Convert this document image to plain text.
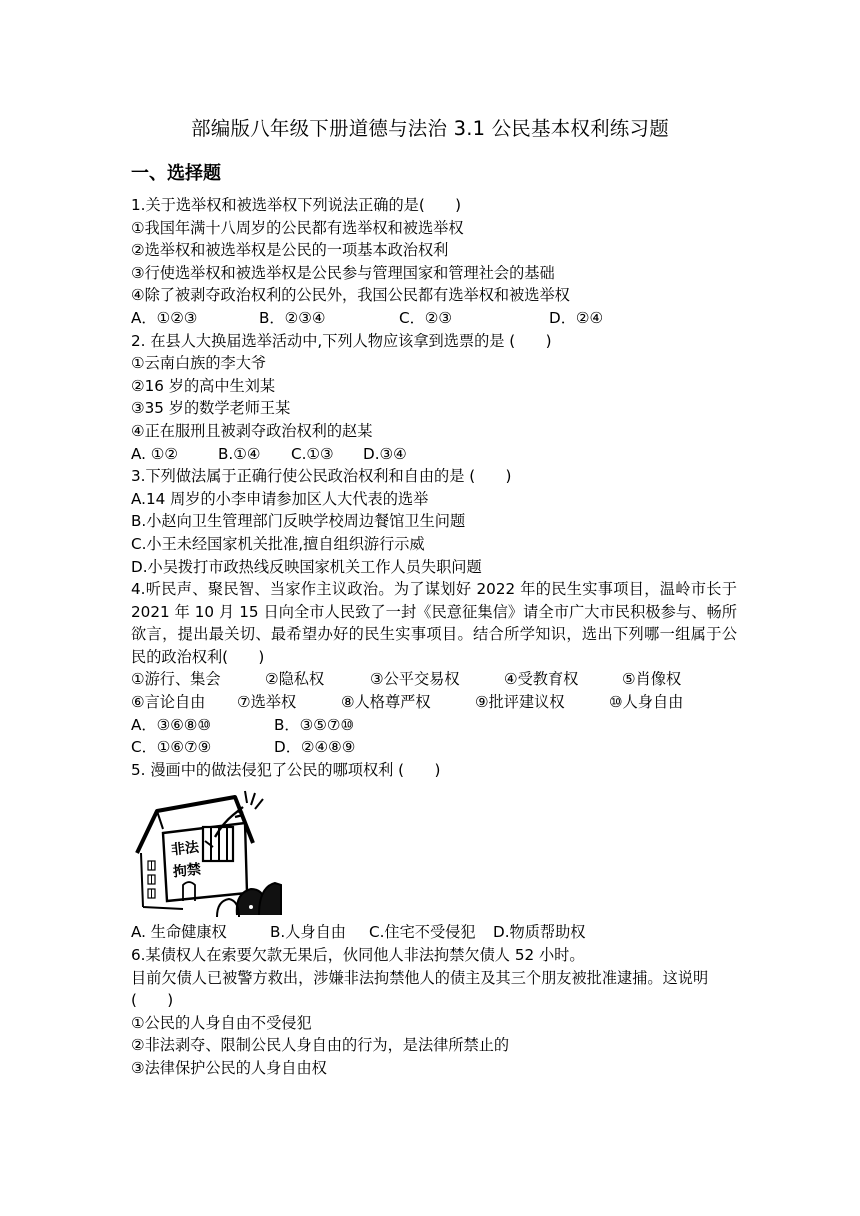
部编版八年级下册道德与法治 3.1 公民基本权利练习题
一、选择题
1.关于选举权和被选举权下列说法正确的是(　　)
①我国年满十八周岁的公民都有选举权和被选举权
②选举权和被选举权是公民的一项基本政治权利
③行使选举权和被选举权是公民参与管理国家和管理社会的基础
④除了被剥夺政治权利的公民外，我国公民都有选举权和被选举权
A．①②③	B．②③④	C．②③	D．②④
2. 在县人大换届选举活动中,下列人物应该拿到选票的是 (　　)
①云南白族的李大爷
②16 岁的高中生刘某
③35 岁的数学老师王某
④正在服刑且被剥夺政治权利的赵某
A. ①②	B.①④ C.①③ D.③④
3.下列做法属于正确行使公民政治权利和自由的是 (　　)
A.14 周岁的小李申请参加区人大代表的选举
B.小赵向卫生管理部门反映学校周边餐馆卫生问题
C.小王未经国家机关批准,擅自组织游行示威
D.小吴拨打市政热线反映国家机关工作人员失职问题
4.听民声、聚民智、当家作主议政治。为了谋划好 2022 年的民生实事项目，温岭市长于 2021 年 10 月 15 日向全市人民致了一封《民意征集信》请全市广大市民积极参与、畅所欲言，提出最关切、最希望办好的民生实事项目。结合所学知识，选出下列哪一组属于公民的政治权利(　　)
①游行、集会	②隐私权	③公平交易权	④受教育权	⑤肖像权
⑥言论自由 ⑦选举权	⑧人格尊严权	⑨批评建议权	⑩人身自由
A．③⑥⑧⑩	B．③⑤⑦⑩
C．①⑥⑦⑨	D．②④⑧⑨
5. 漫画中的做法侵犯了公民的哪项权利 (　　)
非法
拘禁
A. 生命健康权	B.人身自由 C.住宅不受侵犯 D.物质帮助权
6.某债权人在索要欠款无果后，伙同他人非法拘禁欠债人 52 小时。
目前欠债人已被警方救出，涉嫌非法拘禁他人的债主及其三个朋友被批准逮捕。这说明(　　)
①公民的人身自由不受侵犯
②非法剥夺、限制公民人身自由的行为，是法律所禁止的
③法律保护公民的人身自由权
